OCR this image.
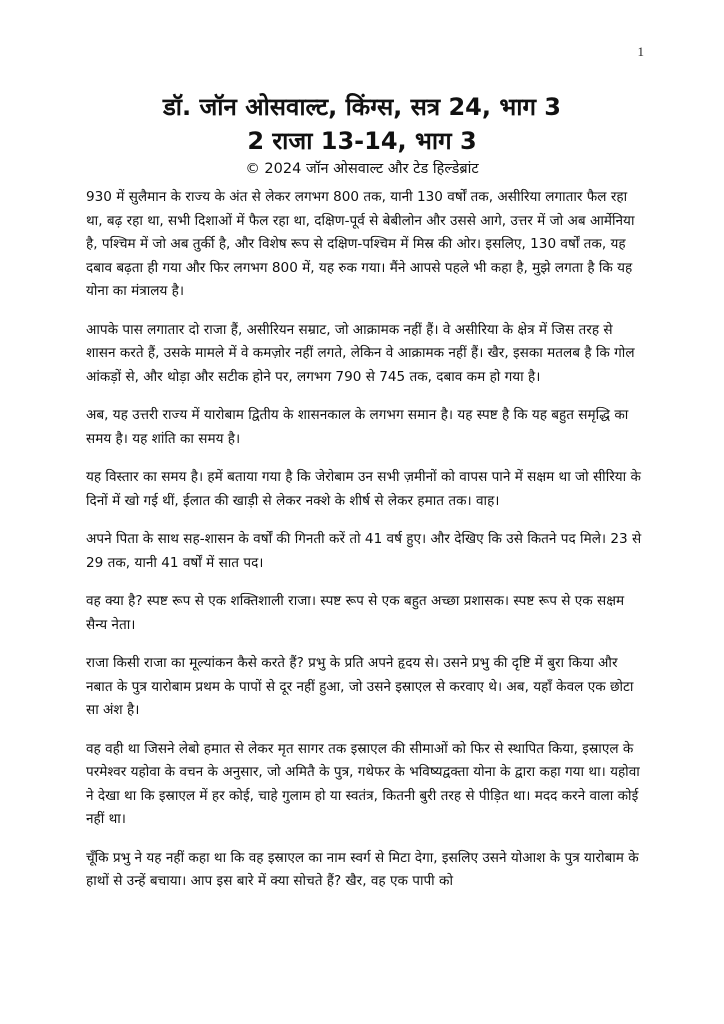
1
डॉ. जॉन ओसवाल्ट, किंग्स, सत्र 24, भाग 3
2 राजा 13-14, भाग 3

© 2024 जॉन ओसवाल्ट और टेड हिल्डेब्रांट

930 में सुलैमान के राज्य के अंत से लेकर लगभग 800 तक, यानी 130 वर्षों तक, असीरिया लगातार फैल रहा था, बढ़ रहा था, सभी दिशाओं में फैल रहा था, दक्षिण-पूर्व से बेबीलोन और उससे आगे, उत्तर में जो अब आर्मेनिया है, पश्चिम में जो अब तुर्की है, और विशेष रूप से दक्षिण-पश्चिम में मिस्र की ओर। इसलिए, 130 वर्षों तक, यह दबाव बढ़ता ही गया और फिर लगभग 800 में, यह रुक गया। मैंने आपसे पहले भी कहा है, मुझे लगता है कि यह योना का मंत्रालय है।

आपके पास लगातार दो राजा हैं, असीरियन सम्राट, जो आक्रामक नहीं हैं। वे असीरिया के क्षेत्र में जिस तरह से शासन करते हैं, उसके मामले में वे कमज़ोर नहीं लगते, लेकिन वे आक्रामक नहीं हैं। खैर, इसका मतलब है कि गोल आंकड़ों से, और थोड़ा और सटीक होने पर, लगभग 790 से 745 तक, दबाव कम हो गया है।

अब, यह उत्तरी राज्य में यारोबाम द्वितीय के शासनकाल के लगभग समान है। यह स्पष्ट है कि यह बहुत समृद्धि का समय है। यह शांति का समय है।

यह विस्तार का समय है। हमें बताया गया है कि जेरोबाम उन सभी ज़मीनों को वापस पाने में सक्षम था जो सीरिया के दिनों में खो गई थीं, ईलात की खाड़ी से लेकर नक्शे के शीर्ष से लेकर हमात तक। वाह।

अपने पिता के साथ सह-शासन के वर्षों की गिनती करें तो 41 वर्ष हुए। और देखिए कि उसे कितने पद मिले। 23 से 29 तक, यानी 41 वर्षों में सात पद।

वह क्या है? स्पष्ट रूप से एक शक्तिशाली राजा। स्पष्ट रूप से एक बहुत अच्छा प्रशासक। स्पष्ट रूप से एक सक्षम सैन्य नेता।

राजा किसी राजा का मूल्यांकन कैसे करते हैं? प्रभु के प्रति अपने हृदय से। उसने प्रभु की दृष्टि में बुरा किया और नबात के पुत्र यारोबाम प्रथम के पापों से दूर नहीं हुआ, जो उसने इस्राएल से करवाए थे। अब, यहाँ केवल एक छोटा सा अंश है।

वह वही था जिसने लेबो हमात से लेकर मृत सागर तक इस्राएल की सीमाओं को फिर से स्थापित किया, इस्राएल के परमेश्वर यहोवा के वचन के अनुसार, जो अमितै के पुत्र, गथेफर के भविष्यद्वक्ता योना के द्वारा कहा गया था। यहोवा ने देखा था कि इस्राएल में हर कोई, चाहे गुलाम हो या स्वतंत्र, कितनी बुरी तरह से पीड़ित था। मदद करने वाला कोई नहीं था।

चूँकि प्रभु ने यह नहीं कहा था कि वह इस्राएल का नाम स्वर्ग से मिटा देगा, इसलिए उसने योआश के पुत्र यारोबाम के हाथों से उन्हें बचाया। आप इस बारे में क्या सोचते हैं? खैर, वह एक पापी को
